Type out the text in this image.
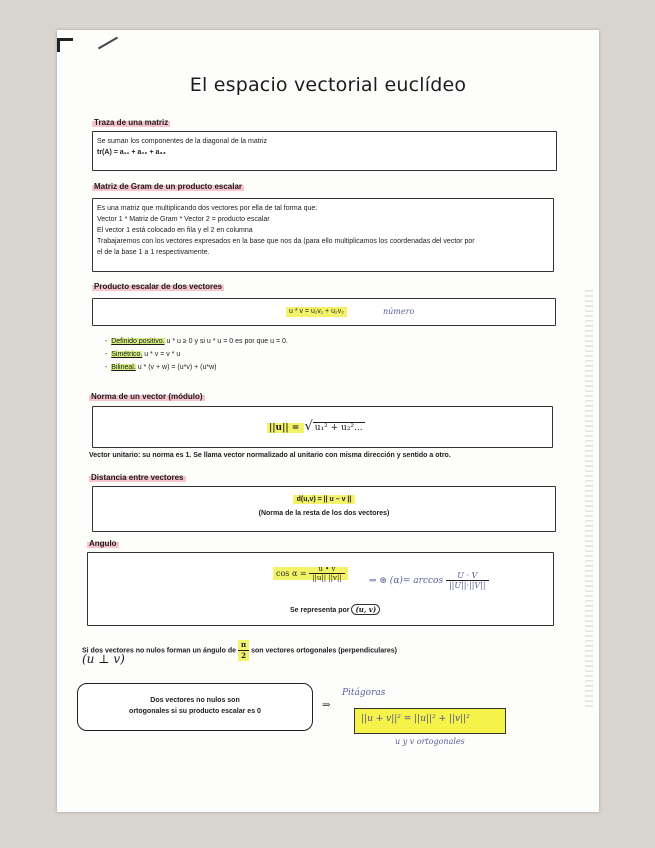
El espacio vectorial euclídeo
Traza de una matriz
Se suman los componentes de la diagonal de la matriz
tr(A) = a₁₁ + a₂₂ + a₃₃
Matriz de Gram de un producto escalar
Es una matriz que multiplicando dos vectores por ella de tal forma que:
Vector 1 * Matriz de Gram * Vector 2 = producto escalar
El vector 1 está colocado en fila y el 2 en columna
Trabajaremos con los vectores expresados en la base que nos da (para ello multiplicamos los coordenadas del vector por
el de la base 1 a 1 respectivamente.
Producto escalar de dos vectores
u * v = u₁v₁ + u₂v₂	número
-  Definido positivo. u * u ≥ 0 y si u * u = 0 es por que u = 0.
-  Simétrico. u * v = v * u
-  Bilineal. u * (v + w) = (u*v) + (u*w)
Norma de un vector (módulo)
||u|| = √ u₁² + u₂²...
Vector unitario: su norma es 1. Se llama vector normalizado al unitario con misma dirección y sentido a otro.
Distancia entre vectores
d(u,v) = || u – v ||
(Norma de la resta de los dos vectores)
Angulo
$\cos \alpha = \frac{u • v}{||u|| ||v||}$	⇒ ⊛ $(\alpha)= \arccos \frac{U \cdot V}{||U||\cdot||V||}$
Se representa por (u, v)
Si dos vectores no nulos forman un ángulo de $\frac{\pi}{2}$ son vectores ortogonales (perpendiculares)
(u ⊥ v)
Dos vectores no nulos son
ortogonales si su producto escalar es 0
⇒
Pitágoras
||u + v||² = ||u||² + ||v||²
u y v ortogonales
